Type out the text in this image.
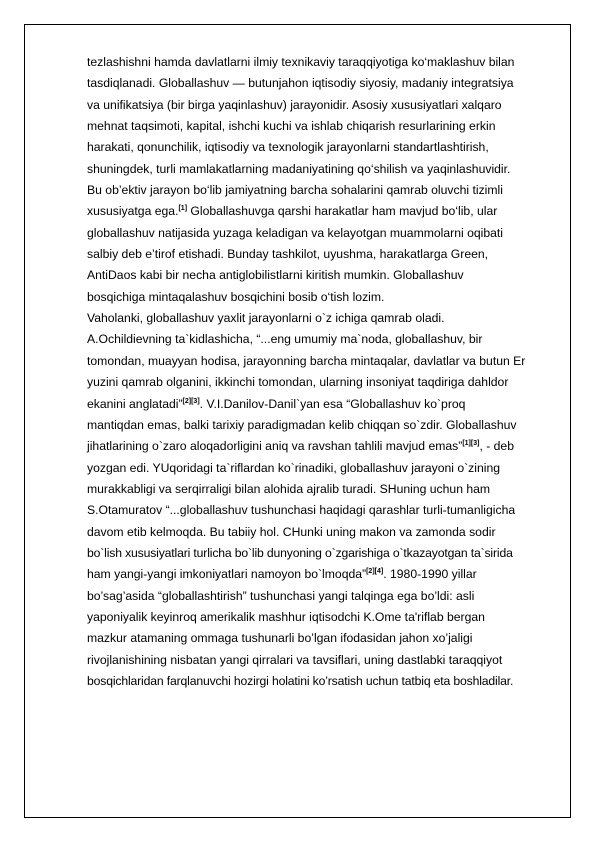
tezlashishni hamda davlatlarni ilmiy texnikaviy taraqqiyotiga ko‘maklashuv bilan
tasdiqlanadi. Globallashuv — butunjahon iqtisodiy siyosiy, madaniy integratsiya
va unifikatsiya (bir birga yaqinlashuv) jarayonidir. Asosiy xususiyatlari xalqaro
mehnat taqsimoti, kapital, ishchi kuchi va ishlab chiqarish resurlarining erkin
harakati, qonunchilik, iqtisodiy va texnologik jarayonlarni standartlashtirish,
shuningdek, turli mamlakatlarning madaniyatining qo‘shilish va yaqinlashuvidir.
Bu ob’ektiv jarayon bo‘lib jamiyatning barcha sohalarini qamrab oluvchi tizimli
xususiyatga ega.[1] Globallashuvga qarshi harakatlar ham mavjud bo‘lib, ular
globallashuv natijasida yuzaga keladigan va kelayotgan muammolarni oqibati
salbiy deb e’tirof etishadi. Bunday tashkilot, uyushma, harakatlarga Green,
AntiDaos kabi bir necha antiglobilistlarni kiritish mumkin. Globallashuv
bosqichiga mintaqalashuv bosqichini bosib o‘tish lozim.
Vaholanki, globallashuv yaxlit jarayonlarni o`z ichiga qamrab oladi.
A.Ochildievning ta`kidlashicha, “...eng umumiy ma`noda, globallashuv, bir
tomondan, muayyan hodisa, jarayonning barcha mintaqalar, davlatlar va butun Er
yuzini qamrab olganini, ikkinchi tomondan, ularning insoniyat taqdiriga dahldor
ekanini anglatadi”[2][3]. V.I.Danilov-Danil`yan esa “Globallashuv ko`proq
mantiqdan emas, balki tarixiy paradigmadan kelib chiqqan so`zdir. Globallashuv
jihatlarining o`zaro aloqadorligini aniq va ravshan tahlili mavjud emas”[1][3], - deb
yozgan edi. YUqoridagi ta`riflardan ko`rinadiki, globallashuv jarayoni o`zining
murakkabligi va serqirraligi bilan alohida ajralib turadi. SHuning uchun ham
S.Otamuratov “...globallashuv tushunchasi haqidagi qarashlar turli-tumanligicha
davom etib kelmoqda. Bu tabiiy hol. CHunki uning makon va zamonda sodir
bo`lish xususiyatlari turlicha bo`lib dunyoning o`zgarishiga o`tkazayotgan ta`sirida
ham yangi-yangi imkoniyatlari namoyon bo`lmoqda”[2][4]. 1980-1990 yillar
bo’sag’asida “globallashtirish” tushunchasi yangi talqinga ega bo’ldi: asli
yaponiyalik keyinroq amerikalik mashhur iqtisodchi K.Ome ta'riflab bergan
mazkur atamaning ommaga tushunarli bo’lgan ifodasidan jahon xo’jaligi
rivojlanishining nisbatan yangi qirralari va tavsiflari, uning dastlabki taraqqiyot
bosqichlaridan farqlanuvchi hozirgi holatini ko’rsatish uchun tatbiq eta boshladilar.
